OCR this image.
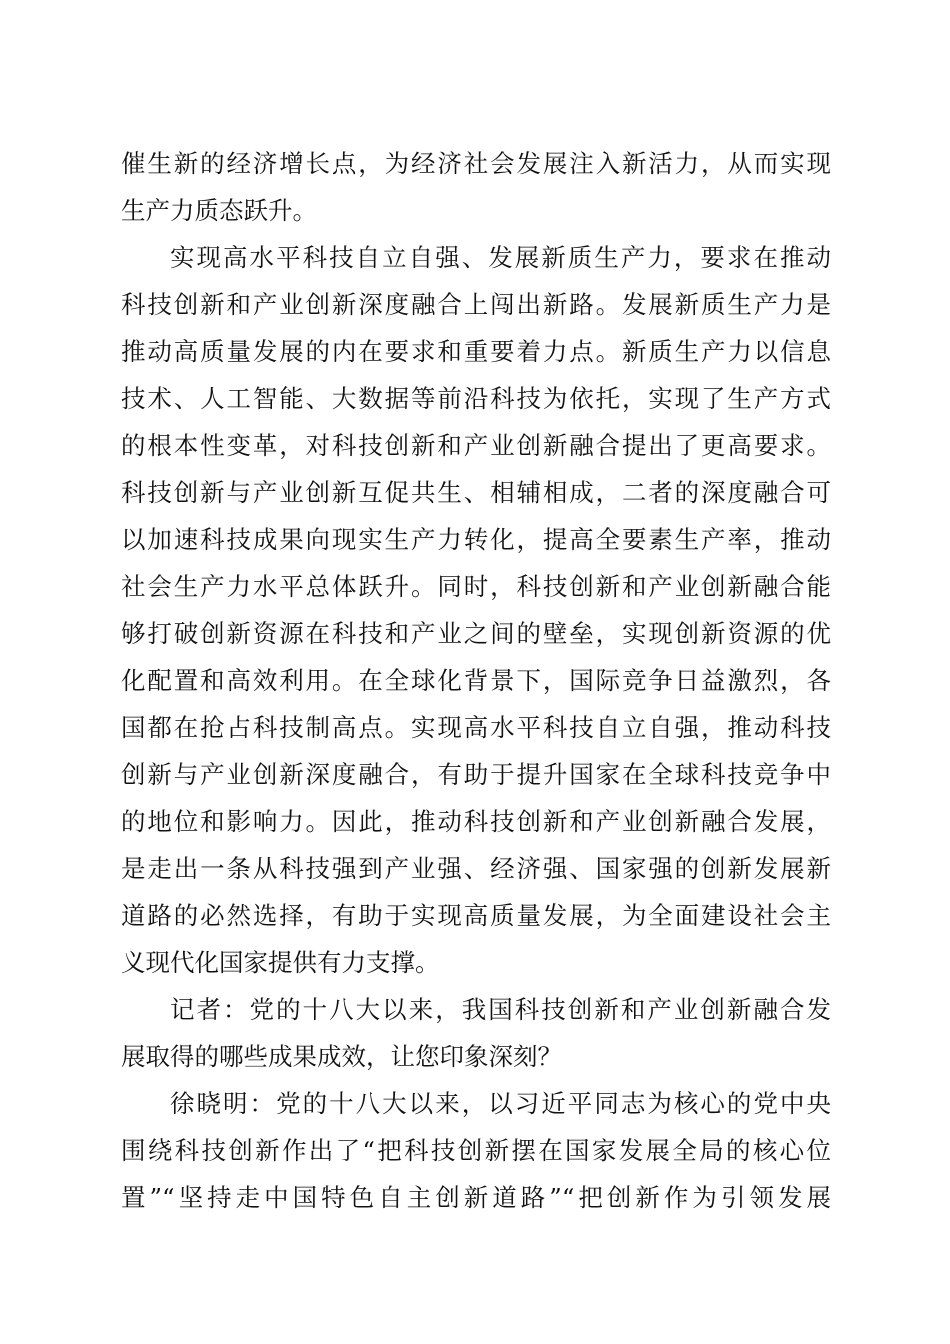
催生新的经济增长点，为经济社会发展注入新活力，从而实现
生产力质态跃升。
实现高水平科技自立自强、发展新质生产力，要求在推动
科技创新和产业创新深度融合上闯出新路。发展新质生产力是
推动高质量发展的内在要求和重要着力点。新质生产力以信息
技术、人工智能、大数据等前沿科技为依托，实现了生产方式
的根本性变革，对科技创新和产业创新融合提出了更高要求。
科技创新与产业创新互促共生、相辅相成，二者的深度融合可
以加速科技成果向现实生产力转化，提高全要素生产率，推动
社会生产力水平总体跃升。同时，科技创新和产业创新融合能
够打破创新资源在科技和产业之间的壁垒，实现创新资源的优
化配置和高效利用。在全球化背景下，国际竞争日益激烈，各
国都在抢占科技制高点。实现高水平科技自立自强，推动科技
创新与产业创新深度融合，有助于提升国家在全球科技竞争中
的地位和影响力。因此，推动科技创新和产业创新融合发展，
是走出一条从科技强到产业强、经济强、国家强的创新发展新
道路的必然选择，有助于实现高质量发展，为全面建设社会主
义现代化国家提供有力支撑。
记者：党的十八大以来，我国科技创新和产业创新融合发
展取得的哪些成果成效，让您印象深刻？
徐晓明：党的十八大以来，以习近平同志为核心的党中央
围绕科技创新作出了“把科技创新摆在国家发展全局的核心位
置”“坚持走中国特色自主创新道路”“把创新作为引领发展
